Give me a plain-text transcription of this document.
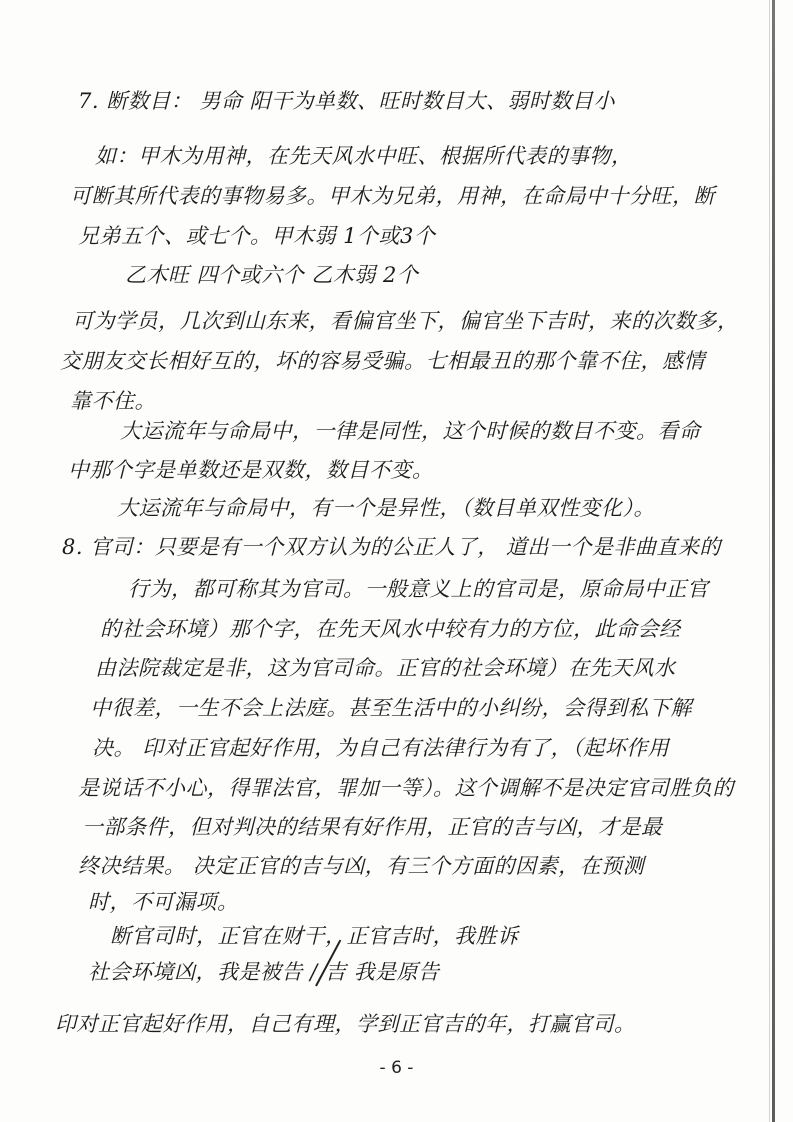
7. 断数目： 男命 阳干为单数、旺时数目大、弱时数目小
如：甲木为用神，在先天风水中旺、根据所代表的事物，
可断其所代表的事物易多。甲木为兄弟，用神，在命局中十分旺，断
兄弟五个、或七个。甲木弱 1个或3个
乙木旺 四个或六个 乙木弱 2个
可为学员，几次到山东来，看偏官坐下，偏官坐下吉时，来的次数多，
交朋友交长相好互的，坏的容易受骗。七相最丑的那个靠不住，感情
靠不住。
大运流年与命局中，一律是同性，这个时候的数目不变。看命
中那个字是单数还是双数，数目不变。
大运流年与命局中，有一个是异性，（数目单双性变化）。
8. 官司：只要是有一个双方认为的公正人了， 道出一个是非曲直来的
行为，都可称其为官司。一般意义上的官司是，原命局中正官
的社会环境）那个字，在先天风水中较有力的方位，此命会经
由法院裁定是非，这为官司命。正官的社会环境）在先天风水
中很差，一生不会上法庭。甚至生活中的小纠纷，会得到私下解
决。 印对正官起好作用，为自己有法律行为有了，（起坏作用
是说话不小心，得罪法官，罪加一等）。这个调解不是决定官司胜负的
一部条件，但对判决的结果有好作用，正官的吉与凶，才是最
终决结果。 决定正官的吉与凶，有三个方面的因素，在预测
时，不可漏项。
断官司时，正官在财干，正官吉时，我胜诉
社会环境凶，我是被告 / 吉 我是原告
印对正官起好作用，自己有理，学到正官吉的年，打赢官司。
- 6 -
